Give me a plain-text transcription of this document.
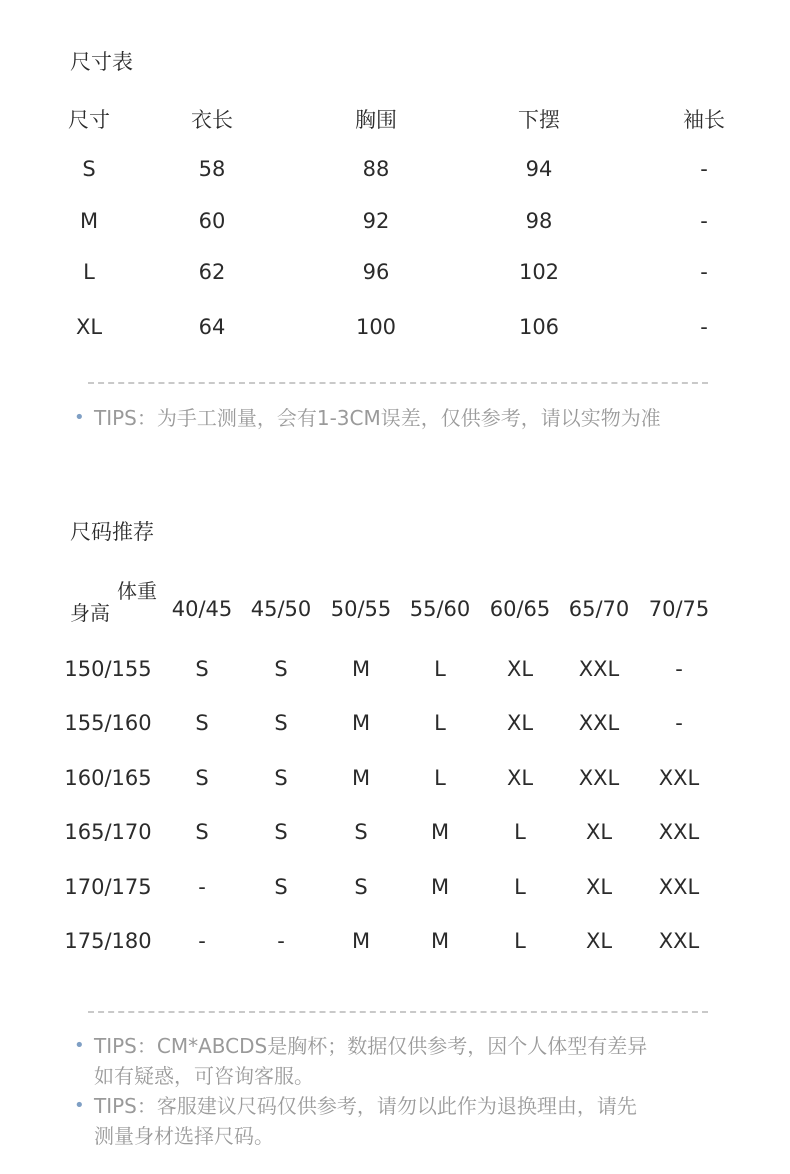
尺寸表
尺寸	衣长	胸围	下摆	袖长
S	58	88	94	-
M	60	92	98	-
L	62	96	102	-
XL	64	100	106	-
• TIPS：为手工测量，会有1-3CM误差，仅供参考，请以实物为准
尺码推荐
体重
身高	40/45 45/50 50/55 55/60 60/65 65/70 70/75
150/155 S	S	M	L	XL XXL	-
155/160 S	S	M	L	XL XXL	-
160/165 S	S	M	L	XL XXL XXL
165/170 S	S	S	M	L	XL XXL
170/175 -	S	S	M	L	XL XXL
175/180 -	-	M	M	L	XL XXL
• TIPS：CM*ABCDS是胸杯；数据仅供参考，因个人体型有差异
如有疑惑，可咨询客服。
• TIPS：客服建议尺码仅供参考，请勿以此作为退换理由，请先
测量身材选择尺码。
